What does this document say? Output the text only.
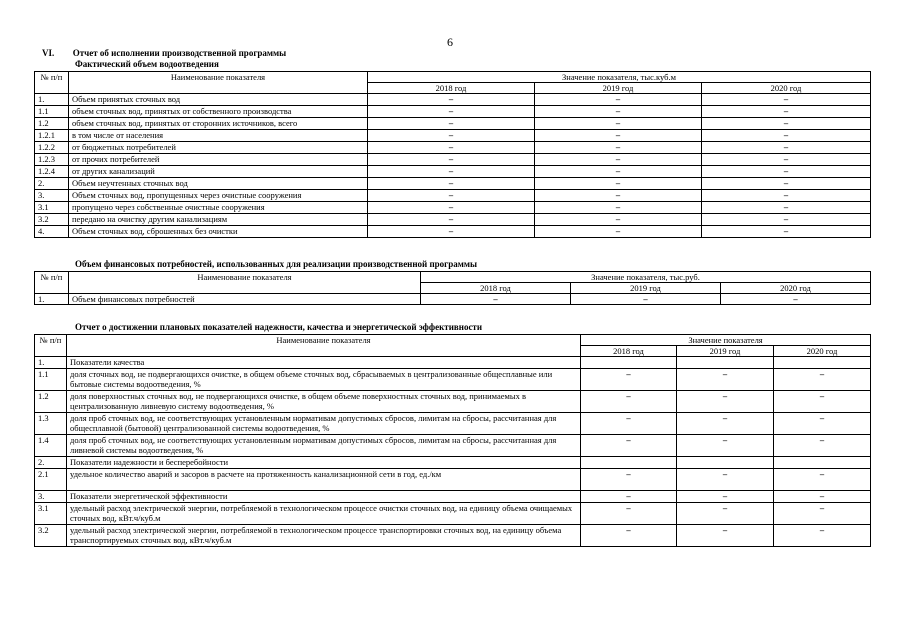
6
VI. Отчет об исполнении производственной программы
Фактический объем водоотведения
№ п/п	Наименование показателя	Значение показателя, тыс.куб.м		
		2018 год	2019 год	2020 год
1.	Объем принятых сточных вод	–	–	–
1.1	объем сточных вод, принятых от собственного производства	–	–	–
1.2	объем сточных вод, принятых от сторонних источников, всего	–	–	–
1.2.1	в том числе от населения	–	–	–
1.2.2	от бюджетных потребителей	–	–	–
1.2.3	от прочих потребителей	–	–	–
1.2.4	от других канализаций	–	–	–
2.	Объем неучтенных сточных вод	–	–	–
3.	Объем сточных вод, пропущенных через очистные сооружения	–	–	–
3.1	пропущено через собственные очистные сооружения	–	–	–
3.2	передано на очистку другим канализациям	–	–	–
4.	Объем сточных вод, сброшенных без очистки	–	–	–
Объем финансовых потребностей, использованных для реализации производственной программы
№ п/п	Наименование показателя	Значение показателя, тыс.руб.		
		2018 год	2019 год	2020 год
1.	Объем финансовых потребностей	–	–	–
Отчет о достижении плановых показателей надежности, качества и энергетической эффективности
№ п/п	Наименование показателя	Значение показателя		
		2018 год	2019 год	2020 год
1.	Показатели качества			
1.1	доля сточных вод, не подвергающихся очистке, в общем объеме сточных вод, сбрасываемых в централизованные общесплавные или бытовые системы водоотведения, %	–	–	–
1.2	доля поверхностных сточных вод, не подвергающихся очистке, в общем объеме поверхностных сточных вод, принимаемых в централизованную ливневую систему водоотведения, %	–	–	–
1.3	доля проб сточных вод, не соответствующих установленным нормативам допустимых сбросов, лимитам на сбросы, рассчитанная для общесплавной (бытовой) централизованной системы водоотведения, %	–	–	–
1.4	доля проб сточных вод, не соответствующих установленным нормативам допустимых сбросов, лимитам на сбросы, рассчитанная для ливневой системы водоотведения, %	–	–	–
2.	Показатели надежности и бесперебойности			
2.1	удельное количество аварий и засоров в расчете на протяженность канализационной сети в год, ед./км	–	–	–
3.	Показатели энергетической эффективности	–	–	–
3.1	удельный расход электрической энергии, потребляемой в технологическом процессе очистки сточных вод, на единицу объема очищаемых сточных вод, кВт.ч/куб.м	–	–	–
3.2	удельный расход электрической энергии, потребляемой в технологическом процессе транспортировки сточных вод, на единицу объема транспортируемых сточных вод, кВт.ч/куб.м	–	–	–
